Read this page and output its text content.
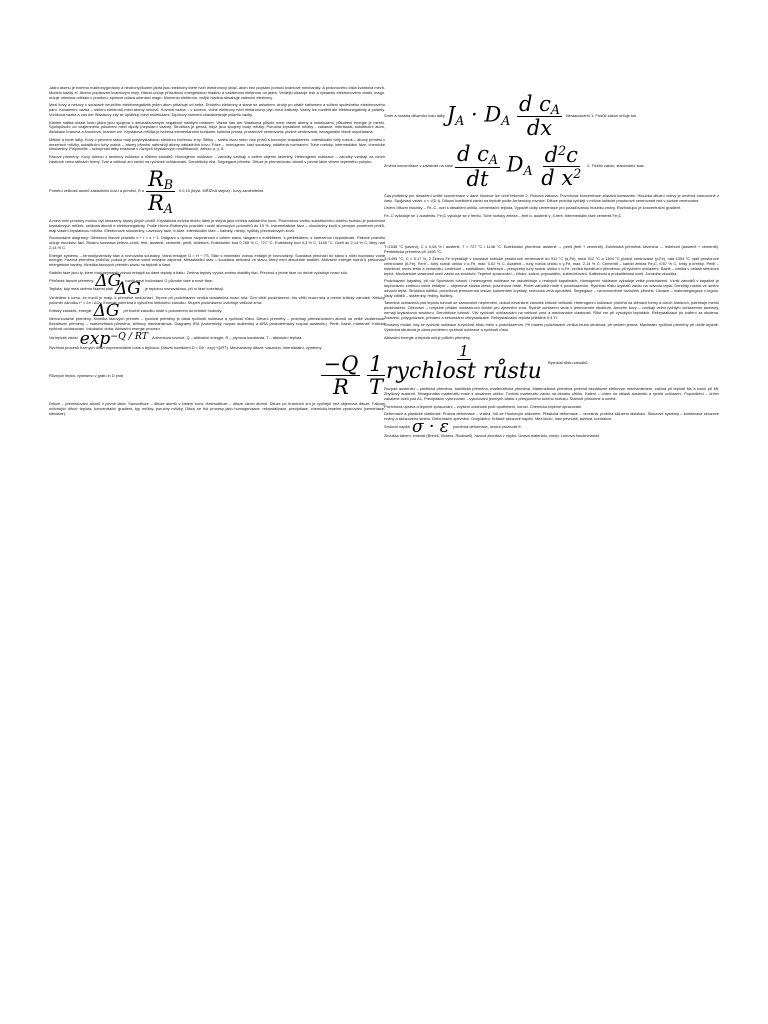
Jádro atomu je tvořeno nukleony(protony a neutrony)/kolem jádra jsou elektrony které tvoří elektronový obal/- atom bez popsání pomocí kvantové mechaniky. A protonového čísla kvantová mech. Modelu každý el. Atomu popisován kvantovým čísly. Hlavní určuje příslušnou energetickou hladinu a vzdálenost elektronu od jádra. Vedlejší ukazuje tvar a výstavbu elektronového obalu, magn. určuje orientaci orbitalu v prostoru, spinové udává orientaci magn. Momentu elektronu, vnější hladina obsahuje valenční elektrony.

Mezi kovy a nekovy v soustavě neurčitím elektronegativitě jeden atom přitahuje od sebe. Druhého elektrony a stane se aniontem, druhý po ztrátě kationtem a sdílení společného elektronového páru. Kovalentní vazba – sdílení elektronů mezi atomy nekovů. Kovová vazba – v kovech, volné elektrony tvoří elektronový plyn mezi kationty. Vazby lze rozdělit dle elektronegativity a polarity. Vodíková vazba a van der Waalsovy síly se uplatňují mezi molekulami. Dipólový moment charakterizuje polaritu vazby.

Kladně nabitá oblast iontu jádra jsou spojena s delokalizovaným negativně nabitým mrakem. Vazba Van der Waalsova působí mezi všemi atomy a molekulami, působení energie je menší. Spolupůsobí od vzájemného působení mezi dipóly (nepolární vazba). Struktura je pevná, když jsou spojeny body mřížky. Porucha krystalové mřížky - vakance, intersticiál, substituční atom, dislokace hranová a šroubová, hranice zrn. Krystalová mřížka je tvořena elementárními buňkami, kubická prostá, prostorově centrovaná, plošně centrovaná, hexagonální těsně uspořádaná.

Měkké a tvrdé látky. Kovy v pevném stavu mají polykrystalickou strukturu tvořenou zrny. Slitiny – směsi dvou nebo více prvků s kovovým charakterem. Intersticiální tuhý roztok – atomy příměsi v mezerách mřížky, substituční tuhý roztok – atomy příměsi nahrazují atomy základního kovu. Fáze – homogenní část soustavy, oddělená rozhraním. Tuhé roztoky, intermediální fáze, chemické sloučeniny. Polymorfie – schopnost látky existovat v různých krystalových modifikacích, železo α, γ, δ.

Fázové přeměny: Kovy tuhnou z taveniny nukleací a růstem zárodků. Homogenní nukleace – zárodky vznikají v celém objemu taveniny. Heterogenní nukleace – zárodky vznikají na cizích částicích nebo stěnách formy. Tvar a velikost zrn závisí na rychlosti ochlazování. Dendritický růst. Segregace příměsí. Difuze je přemisťování atomů v pevné látce vlivem tepelného pohybu.

Poměru velikosti atomů základního kovu a příměsi, R a $\frac{R_B}{R_A}$	≤ 0,15 (kryst. MŘÍŽKA stejná) - kovy zaměnitelné.

A mezi nimi prostory mohou být obsazeny atomy jiných prvků. Krystalická mřížka těchto látek je stejná jako mřížka základního kovu. Podmínkou vzniku substitučního tuhého roztoku je podobnost krystalových mřížek, velikosti atomů a elektronegativity. Podle Hume-Rotheryho pravidel: rozdíl atomových poloměrů do 15 %. Intermetalické fáze – sloučeniny kovů s pevným poměrem prvků, mají vlastní krystalovou mřížku. Elektronové sloučeniny, Lavesovy fáze, σ-fáze. Intersticiální fáze – karbidy, nitridy, hydridy přechodových kovů.

Rovnovážné diagramy: Gibbsovo fázové pravidlo v + f = s + 1. Diagram s úplnou rozpustností v tuhém stavu, diagram s eutektikem, s peritektikem, s omezenou rozpustností. Pákové pravidlo určuje množství fází. Binární soustava železo–uhlík: ferit, austenit, cementit, perlit, ledeburit. Eutektoidní bod 0,765 % C, 727 °C. Eutektický bod 4,3 % C, 1148 °C. Oceli do 2,14 % C, litiny nad 2,14 % C.

Energie systému – termodynamický stav a rovnováha soustavy. Volná entalpie G = H − TS. Stav s minimální volnou entalpií je rovnovážný. Soustava přechází do stavu s nižší hodnotou volné energie. Fázová přeměna probíhá, pokud je změna volné entalpie záporná. Metastabilní stav – soustava setrvává ve stavu, který není absolutně stabilní. Aktivační energie nutná k překonání energetické bariéry. Kinetika fázových přeměn závisí na teplotě a čase.

Stabilní fáze jsou ty, které mají nejmenší volnou entalpii za dané teploty a tlaku. Změna teploty vyvolá změnu stability fází. Přechod z jedné fáze do druhé vyžaduje hnací sílu.

Přírůstek fázové přeměny ΔG	rozdíl mezi hodnotami G původní fáze a nové fáze.
Teplota, kdy mezi oběma fázemi platí ΔG	je teplotou rovnovážnou, při ní fáze koexistují.

Vzhledem k tomu, že rozdíl je malý, k přeměně nedochází. Teprve při podchlazení vzniká dostatečná hnací síla. Čím větší podchlazení, tím větší hnací síla a menší kritický zárodek. Kritický poloměr zárodku r* = 2σ / ΔGv. Energie potřebná k vytvoření kritického zárodku. Stupeň podchlazení ovlivňuje velikost zrna.

Kritický zárodek, energie ΔG	při tvorbě zárodku roste s poloměrem do kritické hodnoty.

Nerovnovážné přeměny: Kinetika fázových přeměn – rychlost přeměny je dána rychlostí nukleace a rychlostí růstu. Difuzní přeměny – probíhají přemisťováním atomů na velké vzdálenosti. Bezdifuzní přeměny – martenzitická přeměna, střihový mechanismus. Diagramy IRA (izotermický rozpad austenitu) a ARA (anizotermický rozpad austenitu). Perlit, bainit, martenzit. Kritická rychlost ochlazování. Inkubační doba. Aktivační energie procesu.

Na teplotě závisí $\exp^{-Q / RT}$	Arrheniova rovnice, Q – aktivační energie, R – plynová konstanta, T – absolutní teplota.

Rychlost procesů řízených difuzí exponenciálně roste s teplotou. Difuzní koeficient D = D0 · exp(−Q/RT). Mechanismy difuze: vakanční, intersticiální, výměnný.

Různých teplot, vyneseno v grafu ln D proti	$\frac{-Q}{R}$
$\frac{1}{T}$

Difuze – přemisťování atomů v pevné látce. Samodifuze – difuze atomů v čistém kovu. Heterodifuze – difuze cizích atomů. Difuze po hranicích zrn je rychlejší než objemová difuze. Faktory ovlivňující difuzi: teplota, koncentrační gradient, typ mřížky, poruchy mřížky. Difuzí se řídí procesy jako homogenizace, rekrystalizace, precipitace, chemicko-tepelné zpracování (cementace, nitridace).

Směr a hustota difuzního toku látky $J_A \cdot D_A \frac{d c_A}{dx}$	Nestacionární 1. Fickův zákon určuje tok.
Změna koncentrace v závislosti na čase $\frac{d c_A}{dt} D_A \frac{d^2c}{d x^2}$	2. Fickův zákon, stacionární stav.

Čas potřebný pro dosažení určité koncentrace v dané hloubce lze určit řešením 2. Fickova zákona. Povrchová koncentrace zůstává konstantní. Hloubka difuzní vrstvy je úměrná odmocnině z času. Spojovací vztah: x ≈ √(D t). Difuzní koeficient závisí na teplotě podle Arrheniovy rovnice. Difuze probíhá rychleji v mřížce kubické prostorově centrované než v plošně centrované.

Určení difuzní hloubky – Fe–C, ocel s obsahem uhlíku, cementační teplota. Vypočet doby cementace pro požadovanou hloubku vrstvy. Rozhodující je koncentrační gradient.

Fe–C vyžaduje se 1 austenitu, Fe₃C vylučuje se z ferritu. Tuhé roztoky železa – ferit α, austenit γ, δ-ferit. Intermediální fáze cementit Fe₃C.

T=1538 °C (tavení), C ≤ 0,08 % / austenit, T = 727 °C / 1148 °C. Eutektoidní přeměna: austenit → perlit (ferit + cementit). Eutektická přeměna: tavenina → ledeburit (austenit + cementit). Peritektická přeměna při 1495 °C.

T=1495 °C, C = 0,17 %, 2 Železo Fe krystaluje v soustavě kubické prostorově centrované do 912 °C (α-Fe), mezi 912 °C a 1394 °C plošně centrované (γ-Fe), nad 1394 °C opět prostorově centrované (δ-Fe). Ferit – tuhý roztok uhlíku v α-Fe, max. 0,02 % C. Austenit – tuhý roztok uhlíku v γ-Fe, max. 2,14 % C. Cementit – karbid železa Fe₃C, 6,67 % C, tvrdý a křehký. Perlit – eutektoid, směs feritu a cementitu. Ledeburit – eutektikum. Martenzit – přesycený tuhý roztok uhlíku v α-Fe, vzniká bezdifuzní přeměnou při rychlém ochlazení. Bainit – vzniká v oblasti středních teplot. Mechanické vlastnosti ocelí závisí na struktuře. Tepelné zpracování – žíhání, kalení, popouštění, zušlechťování. Kalitelnost a prokalitelnost oceli. Jominiho zkouška.

Podchlazení kapaliny, při níž Spontánní tuhnutí i heterogenní nukleace se uskutečňuje v reálných kapalinách. Homogenní nukleace vyžaduje velké podchlazení. Vznik zárodků v kapalině je doprovázen změnou volné entalpie – objemová složka klesá, povrchová roste. Počet zárodků roste s podchlazením. Rychlost růstu krystalů závisí na odvodu tepla. Dendrity rostou ve směru odvodu tepla. Struktura odlitku: povrchová jemnozrnná vrstva, kolumnární krystaly, rovnoosá zrna uprostřed. Segregace – nerovnoměrné rozložení příměsí. Likvace – makrosegregace v ingotu. Vady odlitků – staženiny, řediny, bubliny.

Tavenina ochlazená pod teplotu tuhnutí se samovolně nepřemění, dokud nevznikne zárodek kritické velikosti. Heterogenní nukleace probíhá na stěnách formy a cizích částicích, potřebuje menší podchlazení. Očkování – úmyslné přidání nukleačních činidel pro zjemnění zrna. Rychlé ochlazení vede k jemnozrnné struktuře. Amorfní kovy – vznikají velmi rychlým ochlazením taveniny, nemají krystalovou strukturu. Dendritické tuhnutí. Vliv rychlosti ochlazování na velikost zrna a mechanické vlastnosti. Růst zrn při vysokých teplotách. Rekrystalizace po tváření za studena. Zotavení, polygonizace, primární a sekundární rekrystalizace. Rekrystalizační teplota přibližně 0,4 Tt.

Smíšený model, kdy se rychlost nukleace a rychlost růstu mění s podchlazením. Při malém podchlazení vzniká hrubá struktura, při velkém jemná. Maximální rychlost přeměny při určité teplotě. Výsledná struktura je dána poměrem rychlosti nukleace a rychlosti růstu.

Aktivační energie a teplota určují průběh přeměny.

$\frac{1}{\text{rychlost růstu}}$	Rychlost růstu zárodků.

Rozpad austenitu – perlitická přeměna, bainitická přeměna, martenzitická přeměna. Martenzitická přeměna probíhá bezdifuzně střihovým mechanismem, začíná při teplotě Ms a končí při Mf. Zbytkový austenit. Tetragonalita martenzitu roste s obsahem uhlíku. Tvrdost martenzitu závisí na obsahu uhlíku. Kalení – ohřev do oblasti austenitu a rychlé ochlazení. Popouštění – ohřev zakalené oceli pod A1. Precipitační vytvrzování – vylučování jemných částic z přesyceného tuhého roztoku. Stárnutí přirozené a umělé.

Povrchová úprava a tepelné zpracování – zvýšení odolnosti proti opotřebení, korozi. Chemicko-tepelné zpracování.

Deformace a plastické vlastnosti. Pružná deformace – vratná, řídí se Hookovým zákonem. Plastická deformace – nevratná, probíhá skluzem dislokací. Skluzové systémy – kombinace skluzové roviny a skluzového směru. Deformační zpevnění. Dvojčatění. Kritické skluzové napětí. Mez kluzu, mez pevnosti, tažnost, kontrakce.

Smluvní napětí σ · ε	poměrná deformace, modul pružnosti E.

Zkouška tahem, tvrdosti (Brinell, Vickers, Rockwell), rázová zkouška v ohybu. Únava materiálu, creep. Lomová houževnatost.
